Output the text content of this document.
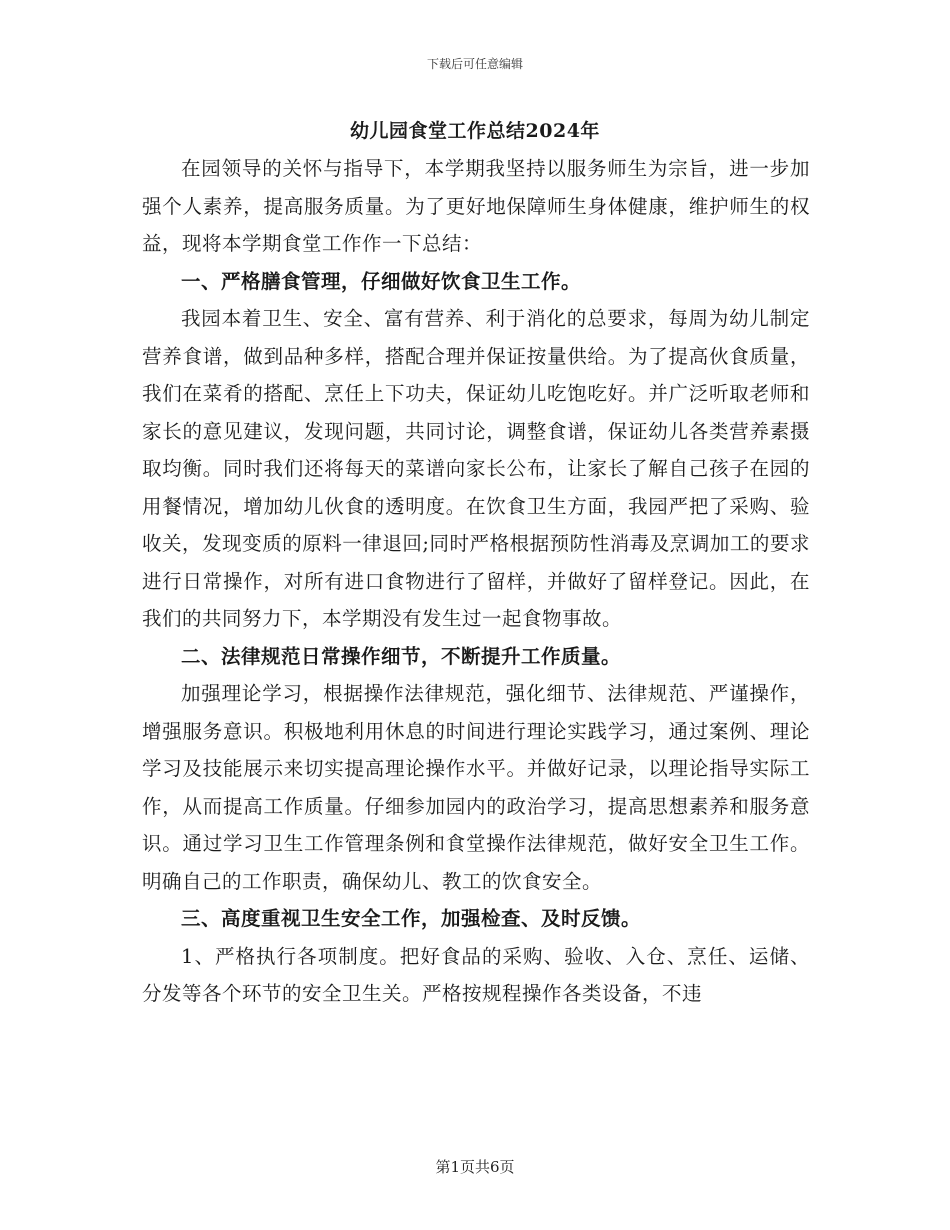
下载后可任意编辑
幼儿园食堂工作总结2024年

在园领导的关怀与指导下，本学期我坚持以服务师生为宗旨，进一步加强个人素养，提高服务质量。为了更好地保障师生身体健康，维护师生的权益，现将本学期食堂工作作一下总结：

一、严格膳食管理，仔细做好饮食卫生工作。

我园本着卫生、安全、富有营养、利于消化的总要求，每周为幼儿制定营养食谱，做到品种多样，搭配合理并保证按量供给。为了提高伙食质量，我们在菜肴的搭配、烹任上下功夫，保证幼儿吃饱吃好。并广泛听取老师和家长的意见建议，发现问题，共同讨论，调整食谱，保证幼儿各类营养素摄取均衡。同时我们还将每天的菜谱向家长公布，让家长了解自己孩子在园的用餐情况，增加幼儿伙食的透明度。在饮食卫生方面，我园严把了采购、验收关，发现变质的原料一律退回;同时严格根据预防性消毒及烹调加工的要求进行日常操作，对所有进口食物进行了留样，并做好了留样登记。因此，在我们的共同努力下，本学期没有发生过一起食物事故。

二、法律规范日常操作细节，不断提升工作质量。

加强理论学习，根据操作法律规范，强化细节、法律规范、严谨操作，增强服务意识。积极地利用休息的时间进行理论实践学习，通过案例、理论学习及技能展示来切实提高理论操作水平。并做好记录，以理论指导实际工作，从而提高工作质量。仔细参加园内的政治学习，提高思想素养和服务意识。通过学习卫生工作管理条例和食堂操作法律规范，做好安全卫生工作。明确自己的工作职责，确保幼儿、教工的饮食安全。

三、高度重视卫生安全工作，加强检查、及时反馈。

1、严格执行各项制度。把好食品的采购、验收、入仓、烹任、运储、分发等各个环节的安全卫生关。严格按规程操作各类设备，不违

第1页共6页
